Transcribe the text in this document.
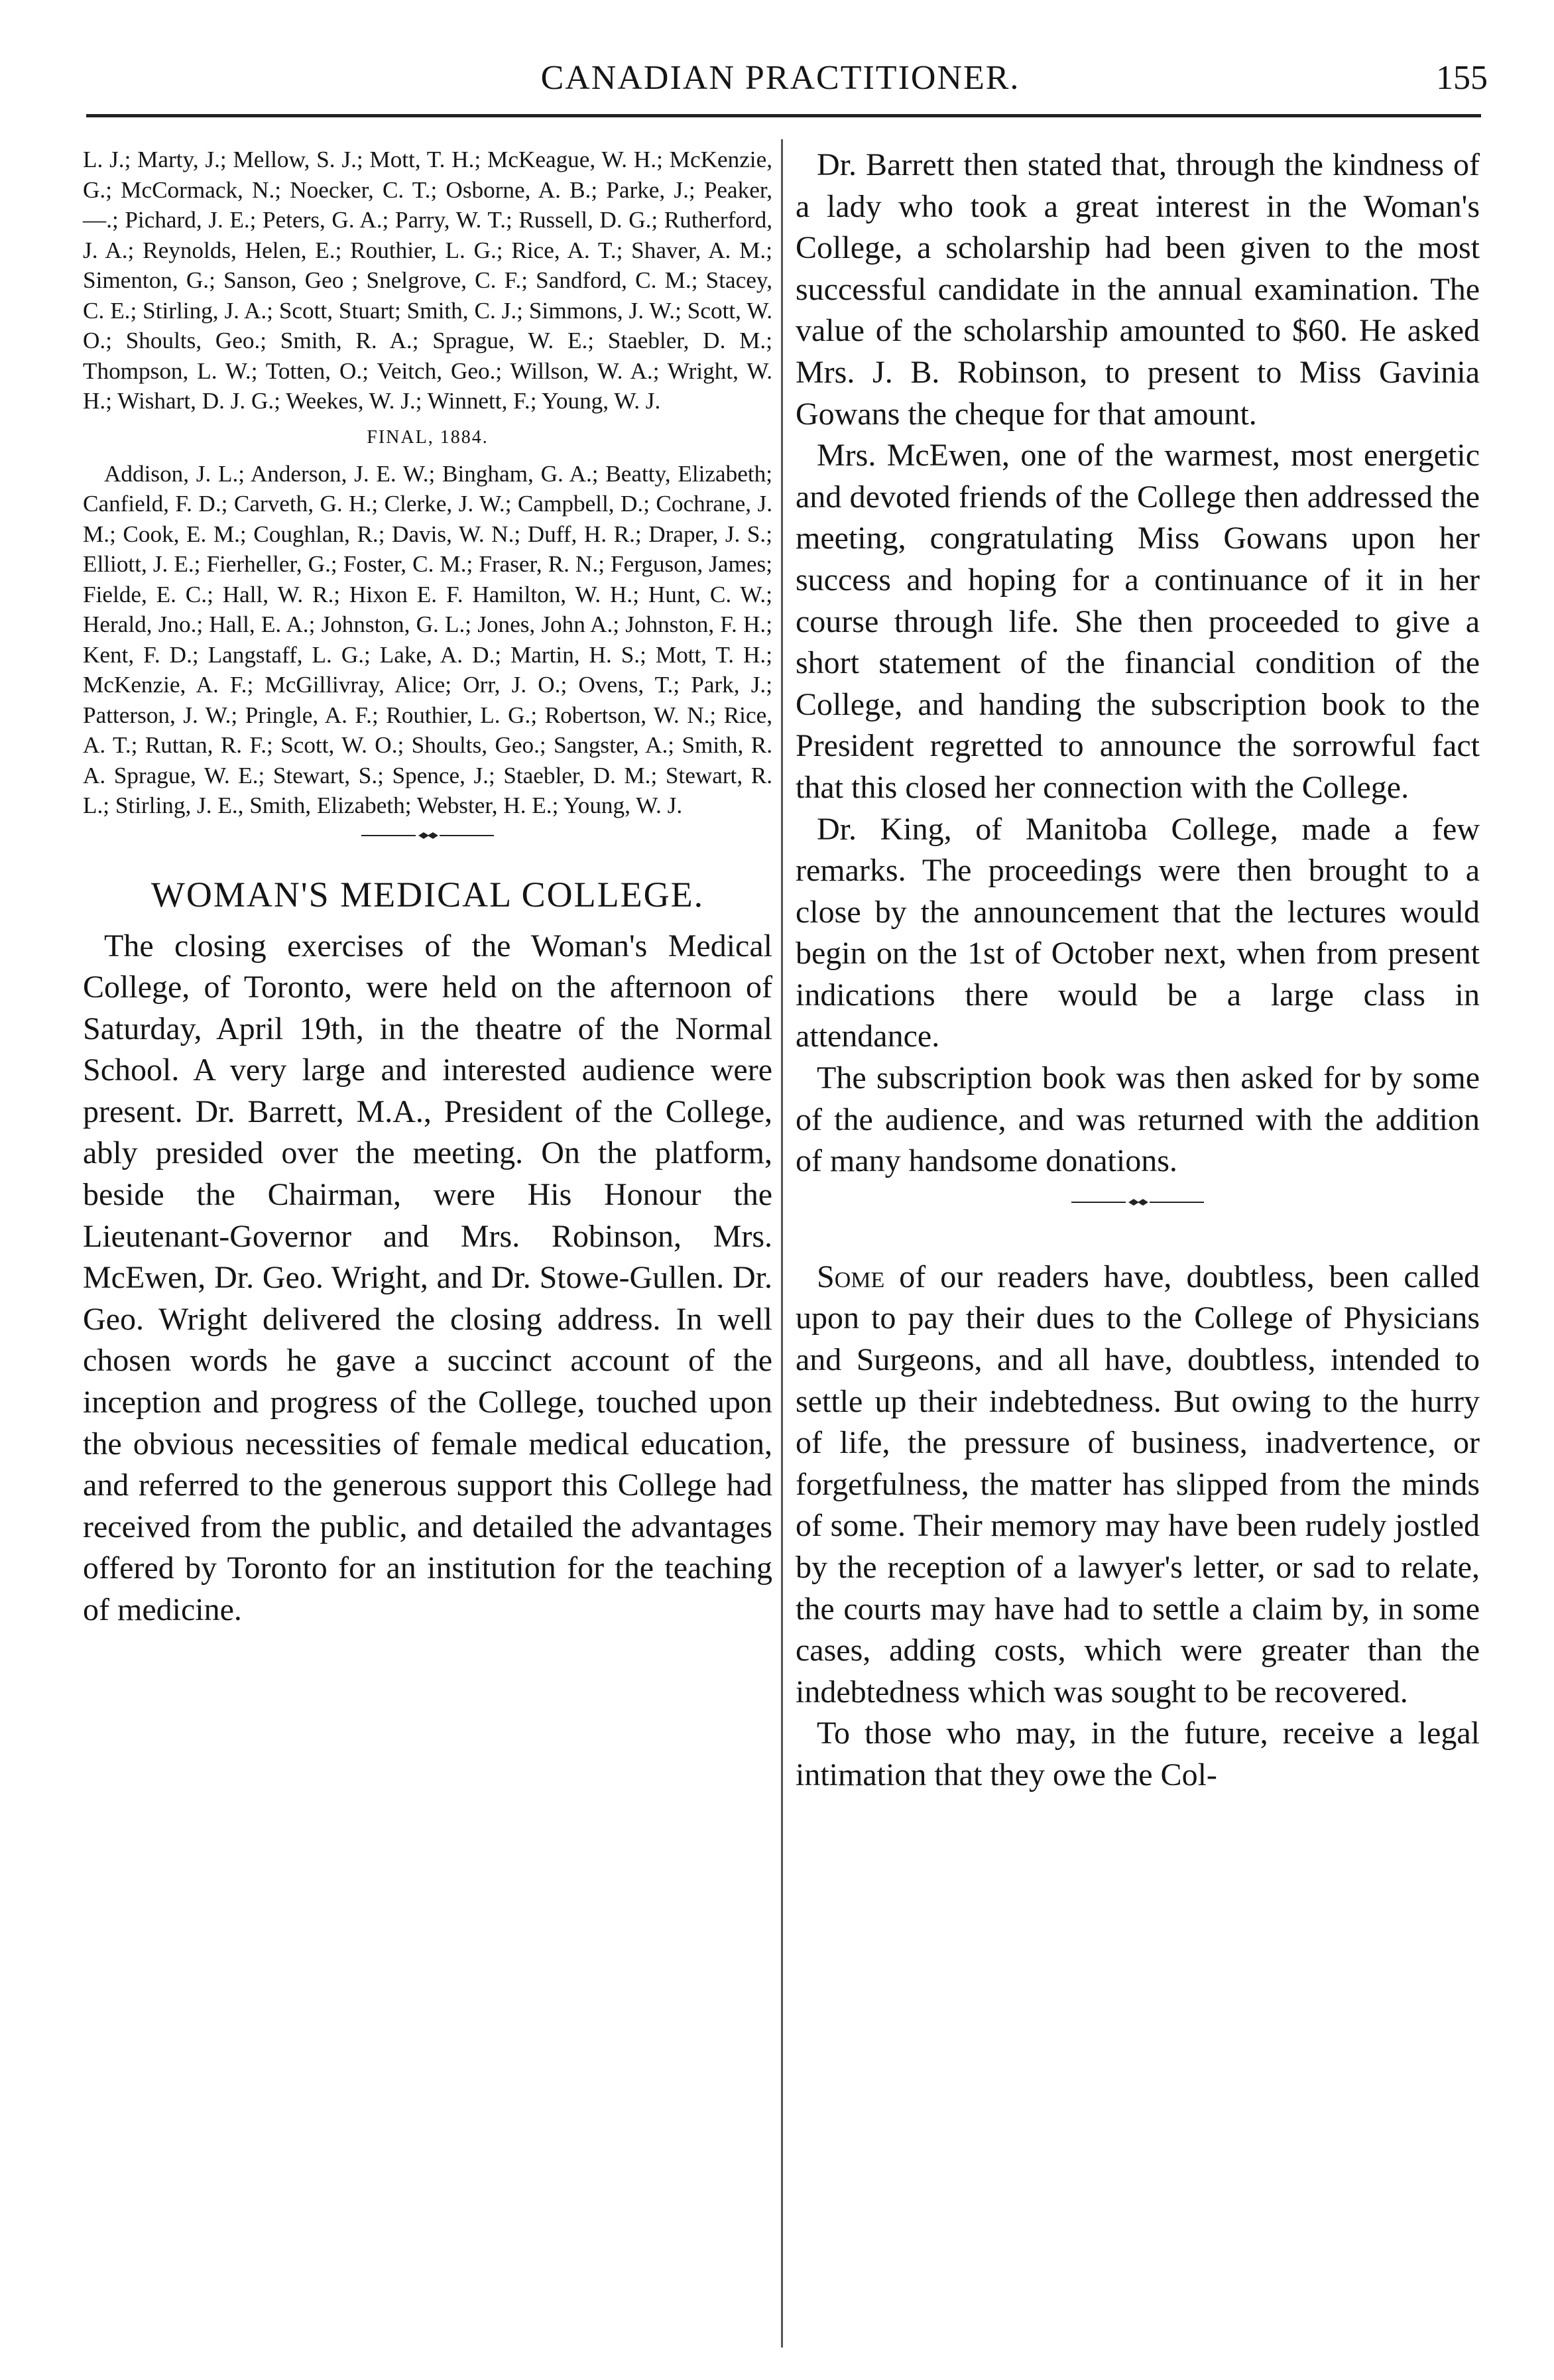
CANADIAN PRACTITIONER.	155

L. J.; Marty, J.; Mellow, S. J.; Mott, T. H.; McKeague, W. H.; McKenzie, G.; McCormack, N.; Noecker, C. T.; Osborne, A. B.; Parke, J.; Peaker, —.; Pichard, J. E.; Peters, G. A.; Parry, W. T.; Russell, D. G.; Rutherford, J. A.; Reynolds, Helen, E.; Routhier, L. G.; Rice, A. T.; Shaver, A. M.; Simenton, G.; Sanson, Geo ; Snelgrove, C. F.; Sandford, C. M.; Stacey, C. E.; Stirling, J. A.; Scott, Stuart; Smith, C. J.; Simmons, J. W.; Scott, W. O.; Shoults, Geo.; Smith, R. A.; Sprague, W. E.; Staebler, D. M.; Thompson, L. W.; Totten, O.; Veitch, Geo.; Willson, W. A.; Wright, W. H.; Wishart, D. J. G.; Weekes, W. J.; Winnett, F.; Young, W. J.

FINAL, 1884.

Addison, J. L.; Anderson, J. E. W.; Bingham, G. A.; Beatty, Elizabeth; Canfield, F. D.; Carveth, G. H.; Clerke, J. W.; Campbell, D.; Cochrane, J. M.; Cook, E. M.; Coughlan, R.; Davis, W. N.; Duff, H. R.; Draper, J. S.; Elliott, J. E.; Fierheller, G.; Foster, C. M.; Fraser, R. N.; Ferguson, James; Fielde, E. C.; Hall, W. R.; Hixon E. F. Hamilton, W. H.; Hunt, C. W.; Herald, Jno.; Hall, E. A.; Johnston, G. L.; Jones, John A.; Johnston, F. H.; Kent, F. D.; Langstaff, L. G.; Lake, A. D.; Martin, H. S.; Mott, T. H.; McKenzie, A. F.; McGillivray, Alice; Orr, J. O.; Ovens, T.; Park, J.; Patterson, J. W.; Pringle, A. F.; Routhier, L. G.; Robertson, W. N.; Rice, A. T.; Ruttan, R. F.; Scott, W. O.; Shoults, Geo.; Sangster, A.; Smith, R. A. Sprague, W. E.; Stewart, S.; Spence, J.; Staebler, D. M.; Stewart, R. L.; Stirling, J. E., Smith, Elizabeth; Webster, H. E.; Young, W. J.

WOMAN'S MEDICAL COLLEGE.

The closing exercises of the Woman's Medical College, of Toronto, were held on the afternoon of Saturday, April 19th, in the theatre of the Normal School. A very large and interested audience were present. Dr. Barrett, M.A., President of the College, ably presided over the meeting. On the platform, beside the Chairman, were His Honour the Lieutenant-Governor and Mrs. Robinson, Mrs. McEwen, Dr. Geo. Wright, and Dr. Stowe-Gullen. Dr. Geo. Wright delivered the closing address. In well chosen words he gave a succinct account of the inception and progress of the College, touched upon the obvious necessities of female medical education, and referred to the generous support this College had received from the public, and detailed the advantages offered by Toronto for an institution for the teaching of medicine.

Dr. Barrett then stated that, through the kindness of a lady who took a great interest in the Woman's College, a scholarship had been given to the most successful candidate in the annual examination. The value of the scholarship amounted to $60. He asked Mrs. J. B. Robinson, to present to Miss Gavinia Gowans the cheque for that amount.

Mrs. McEwen, one of the warmest, most energetic and devoted friends of the College then addressed the meeting, congratulating Miss Gowans upon her success and hoping for a continuance of it in her course through life. She then proceeded to give a short statement of the financial condition of the College, and handing the subscription book to the President regretted to announce the sorrowful fact that this closed her connection with the College.

Dr. King, of Manitoba College, made a few remarks. The proceedings were then brought to a close by the announcement that the lectures would begin on the 1st of October next, when from present indications there would be a large class in attendance.

The subscription book was then asked for by some of the audience, and was returned with the addition of many handsome donations.

Some of our readers have, doubtless, been called upon to pay their dues to the College of Physicians and Surgeons, and all have, doubtless, intended to settle up their indebtedness. But owing to the hurry of life, the pressure of business, inadvertence, or forgetfulness, the matter has slipped from the minds of some. Their memory may have been rudely jostled by the reception of a lawyer's letter, or sad to relate, the courts may have had to settle a claim by, in some cases, adding costs, which were greater than the indebtedness which was sought to be recovered.

To those who may, in the future, receive a legal intimation that they owe the Col-
